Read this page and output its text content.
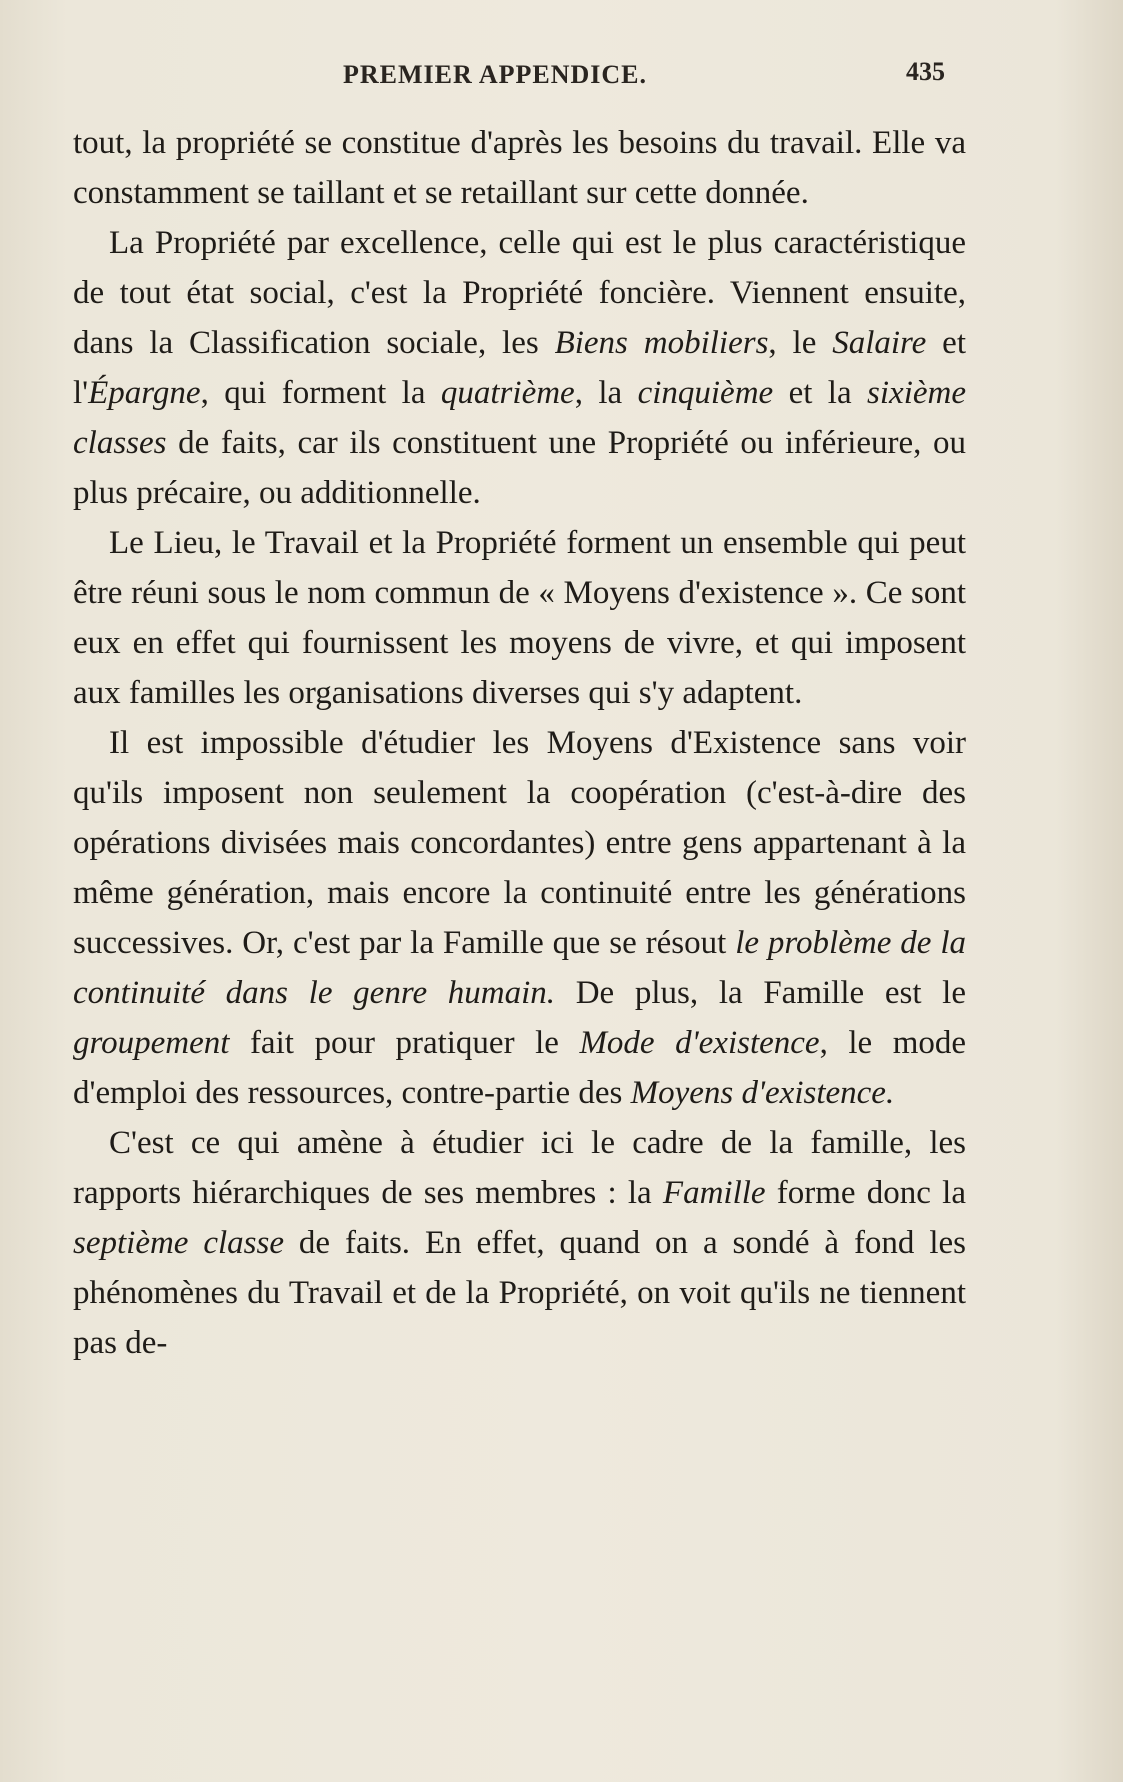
PREMIER APPENDICE.	435

tout, la propriété se constitue d'après les besoins du travail. Elle va constamment se taillant et se retaillant sur cette donnée.

La Propriété par excellence, celle qui est le plus caractéristique de tout état social, c'est la Propriété foncière. Viennent ensuite, dans la Classification sociale, les Biens mobiliers, le Salaire et l'Épargne, qui forment la quatrième, la cinquième et la sixième classes de faits, car ils constituent une Propriété ou inférieure, ou plus précaire, ou additionnelle.

Le Lieu, le Travail et la Propriété forment un ensemble qui peut être réuni sous le nom commun de « Moyens d'existence ». Ce sont eux en effet qui fournissent les moyens de vivre, et qui imposent aux familles les organisations diverses qui s'y adaptent.

Il est impossible d'étudier les Moyens d'Existence sans voir qu'ils imposent non seulement la coopération (c'est-à-dire des opérations divisées mais concordantes) entre gens appartenant à la même génération, mais encore la continuité entre les générations successives. Or, c'est par la Famille que se résout le problème de la continuité dans le genre humain. De plus, la Famille est le groupement fait pour pratiquer le Mode d'existence, le mode d'emploi des ressources, contre-partie des Moyens d'existence.

C'est ce qui amène à étudier ici le cadre de la famille, les rapports hiérarchiques de ses membres : la Famille forme donc la septième classe de faits. En effet, quand on a sondé à fond les phénomènes du Travail et de la Propriété, on voit qu'ils ne tiennent pas de-
